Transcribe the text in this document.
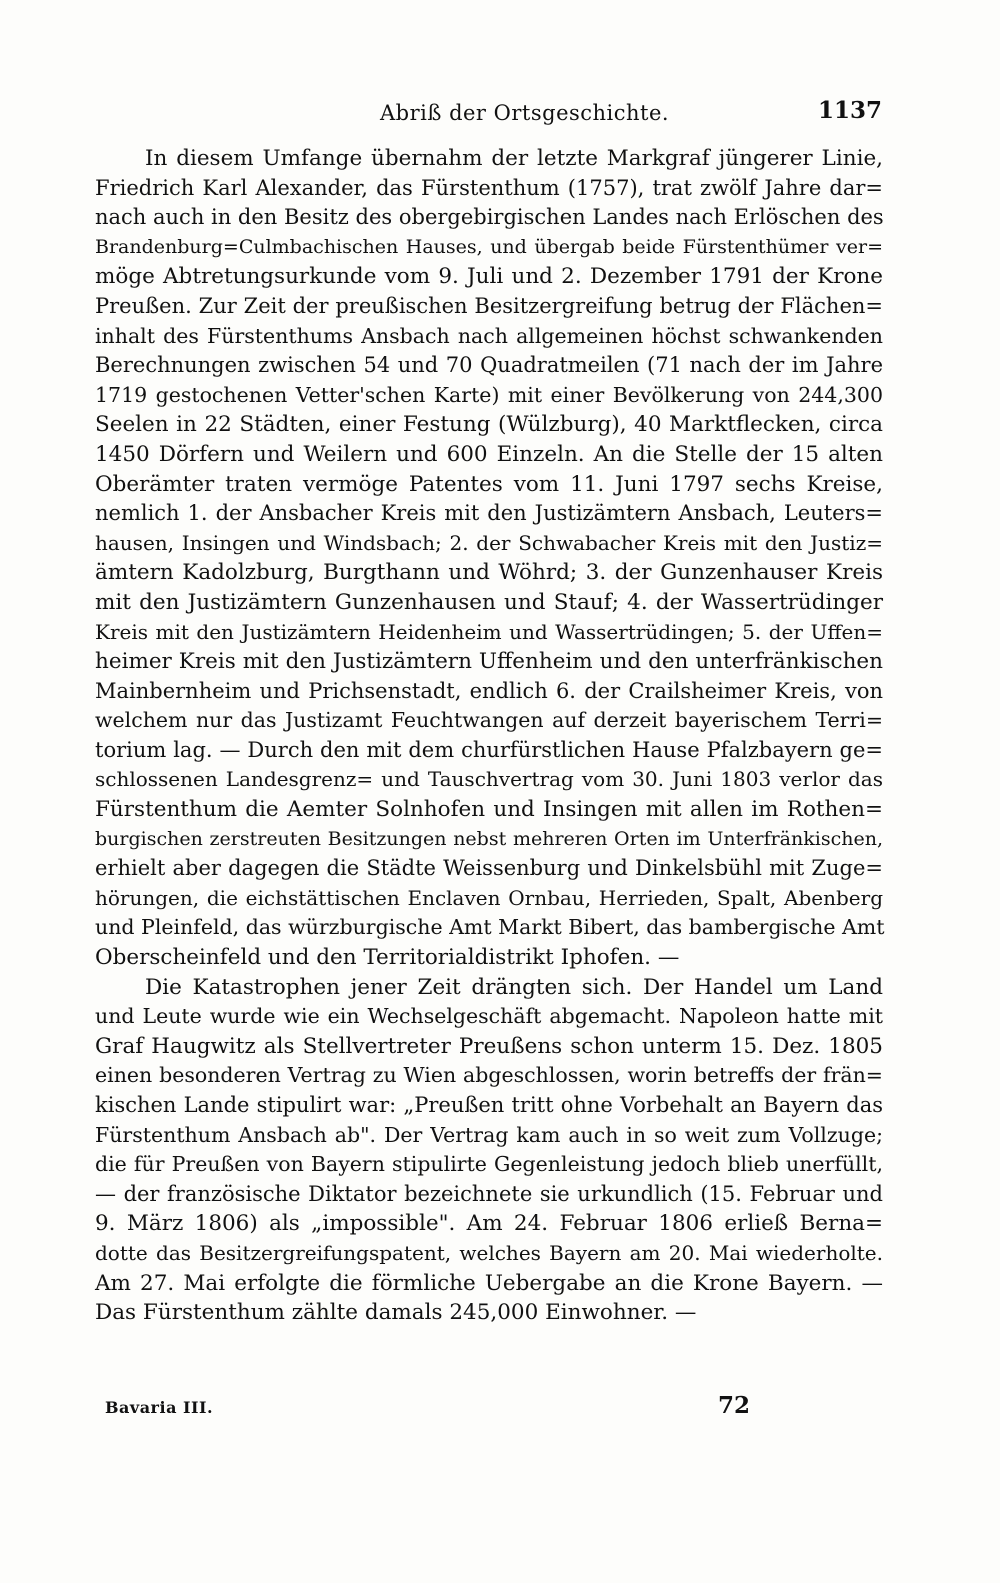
Abriß der Ortsgeschichte.	1137
In diesem Umfange übernahm der letzte Markgraf jüngerer Linie,
Friedrich Karl Alexander, das Fürstenthum (1757), trat zwölf Jahre dar=
nach auch in den Besitz des obergebirgischen Landes nach Erlöschen des
Brandenburg=Culmbachischen Hauses, und übergab beide Fürstenthümer ver=
möge Abtretungsurkunde vom 9. Juli und 2. Dezember 1791 der Krone
Preußen. Zur Zeit der preußischen Besitzergreifung betrug der Flächen=
inhalt des Fürstenthums Ansbach nach allgemeinen höchst schwankenden
Berechnungen zwischen 54 und 70 Quadratmeilen (71 nach der im Jahre
1719 gestochenen Vetter'schen Karte) mit einer Bevölkerung von 244,300
Seelen in 22 Städten, einer Festung (Wülzburg), 40 Marktflecken, circa
1450 Dörfern und Weilern und 600 Einzeln. An die Stelle der 15 alten
Oberämter traten vermöge Patentes vom 11. Juni 1797 sechs Kreise,
nemlich 1. der Ansbacher Kreis mit den Justizämtern Ansbach, Leuters=
hausen, Insingen und Windsbach; 2. der Schwabacher Kreis mit den Justiz=
ämtern Kadolzburg, Burgthann und Wöhrd; 3. der Gunzenhauser Kreis
mit den Justizämtern Gunzenhausen und Stauf; 4. der Wassertrüdinger
Kreis mit den Justizämtern Heidenheim und Wassertrüdingen; 5. der Uffen=
heimer Kreis mit den Justizämtern Uffenheim und den unterfränkischen
Mainbernheim und Prichsenstadt, endlich 6. der Crailsheimer Kreis, von
welchem nur das Justizamt Feuchtwangen auf derzeit bayerischem Terri=
torium lag. — Durch den mit dem churfürstlichen Hause Pfalzbayern ge=
schlossenen Landesgrenz= und Tauschvertrag vom 30. Juni 1803 verlor das
Fürstenthum die Aemter Solnhofen und Insingen mit allen im Rothen=
burgischen zerstreuten Besitzungen nebst mehreren Orten im Unterfränkischen,
erhielt aber dagegen die Städte Weissenburg und Dinkelsbühl mit Zuge=
hörungen, die eichstättischen Enclaven Ornbau, Herrieden, Spalt, Abenberg
und Pleinfeld, das würzburgische Amt Markt Bibert, das bambergische Amt
Oberscheinfeld und den Territorialdistrikt Iphofen. —
Die Katastrophen jener Zeit drängten sich. Der Handel um Land
und Leute wurde wie ein Wechselgeschäft abgemacht. Napoleon hatte mit
Graf Haugwitz als Stellvertreter Preußens schon unterm 15. Dez. 1805
einen besonderen Vertrag zu Wien abgeschlossen, worin betreffs der frän=
kischen Lande stipulirt war: „Preußen tritt ohne Vorbehalt an Bayern das
Fürstenthum Ansbach ab". Der Vertrag kam auch in so weit zum Vollzuge;
die für Preußen von Bayern stipulirte Gegenleistung jedoch blieb unerfüllt,
— der französische Diktator bezeichnete sie urkundlich (15. Februar und
9. März 1806) als „impossible". Am 24. Februar 1806 erließ Berna=
dotte das Besitzergreifungspatent, welches Bayern am 20. Mai wiederholte.
Am 27. Mai erfolgte die förmliche Uebergabe an die Krone Bayern. —
Das Fürstenthum zählte damals 245,000 Einwohner. —
Bavaria III.	72
